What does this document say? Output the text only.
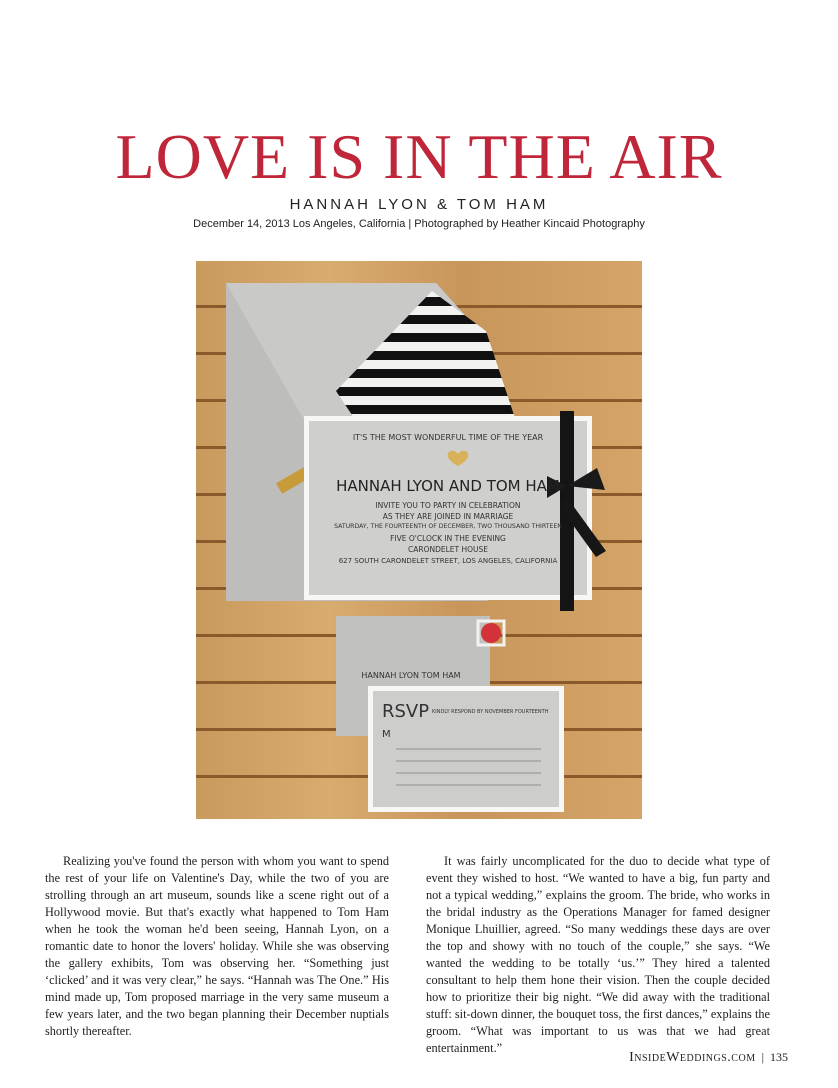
LOVE IS IN THE AIR
HANNAH LYON & TOM HAM
December 14, 2013 Los Angeles, California | Photographed by Heather Kincaid Photography
IT'S THE MOST WONDERFUL TIME OF THE YEAR
HANNAH LYON AND TOM HAM
INVITE YOU TO PARTY IN CELEBRATION
AS THEY ARE JOINED IN MARRIAGE
SATURDAY, THE FOURTEENTH OF DECEMBER, TWO THOUSAND THIRTEEN
FIVE O'CLOCK IN THE EVENING
CARONDELET HOUSE
627 SOUTH CARONDELET STREET, LOS ANGELES, CALIFORNIA
HANNAH LYON TOM HAM
RSVP KINDLY RESPOND BY NOVEMBER FOURTEENTH
M

Realizing you've found the person with whom you want to spend the rest of your life on Valentine's Day, while the two of you are strolling through an art museum, sounds like a scene right out of a Hollywood movie. But that's exactly what happened to Tom Ham when he took the woman he'd been seeing, Hannah Lyon, on a romantic date to honor the lovers' holiday. While she was observing the gallery exhibits, Tom was observing her. “Something just ‘clicked’ and it was very clear,” he says. “Hannah was The One.” His mind made up, Tom proposed marriage in the very same museum a few years later, and the two began planning their December nuptials shortly thereafter.

It was fairly uncomplicated for the duo to decide what type of event they wished to host. “We wanted to have a big, fun party and not a typical wedding,” explains the groom. The bride, who works in the bridal industry as the Operations Manager for famed designer Monique Lhuillier, agreed. “So many weddings these days are over the top and showy with no touch of the couple,” she says. “We wanted the wedding to be totally ‘us.’” They hired a talented consultant to help them hone their vision. Then the couple decided how to prioritize their big night. “We did away with the traditional stuff: sit-down dinner, the bouquet toss, the first dances,” explains the groom. “What was important to us was that we had great entertainment.”

InsideWeddings.com | 135
